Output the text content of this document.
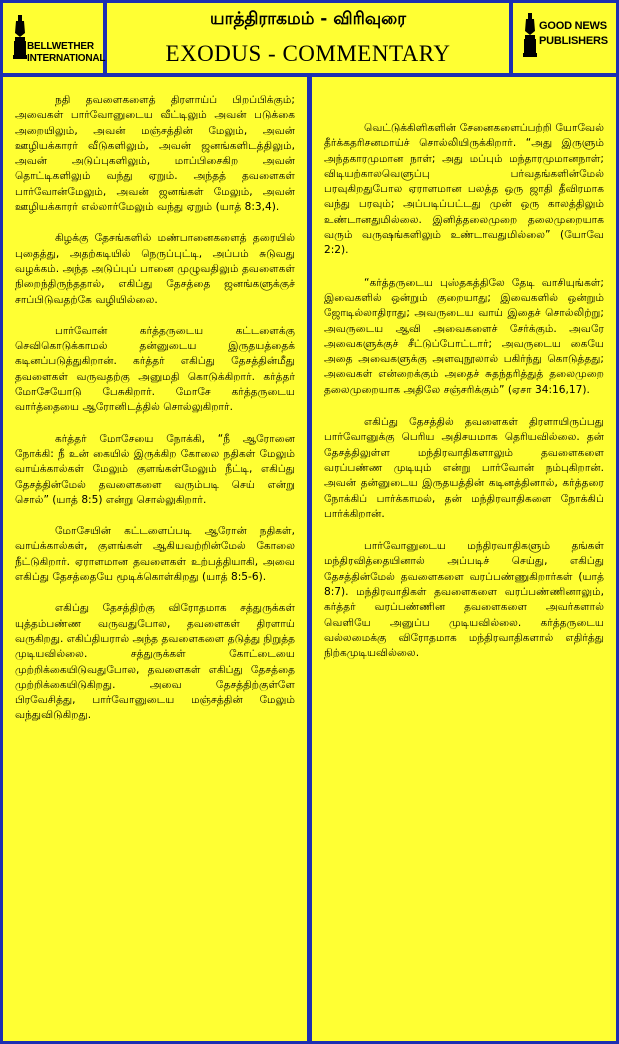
BELLWETHER
INTERNATIONAL
யாத்திராகமம் - விரிவுரை
EXODUS - COMMENTARY
GOOD NEWS
PUBLISHERS

நதி தவளைகளைத் திரளாய்ப் பிறப்பிக்கும்; அவைகள் பார்வோனுடைய வீட்டிலும் அவன் படுக்கை அறையிலும், அவன் மஞ்சத்தின் மேலும், அவன் ஊழியக்காரர் வீடுகளிலும், அவன் ஜனங்களிடத்திலும், அவன் அடுப்புகளிலும், மாப்பிசைகிற அவன் தொட்டிகளிலும் வந்து ஏறும். அந்தத் தவளைகள் பார்வோன்மேலும், அவன் ஜனங்கள் மேலும், அவன் ஊழியக்காரர் எல்லார்மேலும் வந்து ஏறும் (யாத் 8:3,4).

கிழக்கு தேசங்களில் மண்பானைகளைத் தரையில் புதைத்து, அதற்கடியில் நெருப்புட்டி, அப்பம் சுடுவது வழக்கம். அந்த அடுப்புப் பானை முழுவதிலும் தவளைகள் நிறைந்திருந்ததால், எகிப்து தேசத்தை ஜனங்களுக்குச் சாப்பிடுவதற்கே வழியில்லை.

பார்வோன் கர்த்தருடைய கட்டளைக்கு செவிகொடுக்காமல் தன்னுடைய இருதயத்தைக் கடினப்படுத்துகிறான். கர்த்தர் எகிப்து தேசத்தின்மீது தவளைகள் வருவதற்கு அனுமதி கொடுக்கிறார். கர்த்தர் மோசேயோடு பேசுகிறார். மோசே கர்த்தருடைய வார்த்தையை ஆரோனிடத்தில் சொல்லுகிறார்.

கர்த்தர் மோசேயை நோக்கி, “நீ ஆரோனை நோக்கி: நீ உன் கையில் இருக்கிற கோலை நதிகள் மேலும் வாய்க்கால்கள் மேலும் குளங்கள்மேலும் நீட்டி, எகிப்து தேசத்தின்மேல் தவளைகளை வரும்படி செய் என்று சொல்” (யாத் 8:5) என்று சொல்லுகிறார்.

மோசேயின் கட்டளைப்படி ஆரோன் நதிகள், வாய்க்கால்கள், குளங்கள் ஆகியவற்றின்மேல் கோலை நீட்டுகிறார். ஏராளமான தவளைகள் உற்பத்தியாகி, அவை எகிப்து தேசத்தையே மூடிக்கொள்கிறது (யாத் 8:5-6).

எகிப்து தேசத்திற்கு விரோதமாக சத்துருக்கள் யுத்தம்பண்ண வருவதுபோல, தவளைகள் திரளாய் வருகிறது. எகிப்தியரால் அந்த தவளைகளை தடுத்து நிறுத்த முடியவில்லை. சத்துருக்கள் கோட்டையை முற்றிக்கையிடுவதுபோல, தவளைகள் எகிப்து தேசத்தை முற்றிக்கையிடுகிறது. அவை தேசத்திற்குள்ளே பிரவேசித்து, பார்வோனுடைய மஞ்சத்தின் மேலும் வந்துவிடுகிறது.

வெட்டுக்கிளிகளின் சேனைகளைப்பற்றி யோவேல் தீர்க்கதரிசனமாய்ச் சொல்லியிருக்கிறார். “அது இருளும் அந்தகாரமுமான நாள்; அது மப்பும் மந்தாரமுமானநாள்; விடியற்காலவெளுப்பு பர்வதங்களின்மேல் பரவுகிறதுபோல ஏராளமான பலத்த ஒரு ஜாதி தீவிரமாக வந்து பரவும்; அப்படிப்பட்டது முன் ஒரு காலத்திலும் உண்டானதுமில்லை. இனித்தலைமுறை தலைமுறையாக வரும் வருஷங்களிலும் உண்டாவதுமில்லை” (யோவே 2:2).

“கர்த்தருடைய புஸ்தகத்திலே தேடி வாசியுங்கள்; இவைகளில் ஒன்றும் குறையாது; இவைகளில் ஒன்றும் ஜோடில்லாதிராது; அவருடைய வாய் இதைச் சொல்லிற்று; அவருடைய ஆவி அவைகளைச் சேர்க்கும். அவரே அவைகளுக்குச் சீட்டுப்போட்டார்; அவருடைய கையே அதை அவைகளுக்கு அளவுநூலால் பகிர்ந்து கொடுத்தது; அவைகள் என்றைக்கும் அதைச் சுதந்தரித்துத் தலைமுறை தலைமுறையாக அதிலே சஞ்சரிக்கும்” (ஏசா 34:16,17).

எகிப்து தேசத்தில் தவளைகள் திரளாயிருப்பது பார்வோனுக்கு பெரிய அதிசயமாக தெரியவில்லை. தன் தேசத்திலுள்ள மந்திரவாதிகளாலும் தவளைகளை வரப்பண்ண முடியும் என்று பார்வோன் நம்புகிறான். அவன் தன்னுடைய இருதயத்தின் கடினத்தினால், கர்த்தரை நோக்கிப் பார்க்காமல், தன் மந்திரவாதிகளை நோக்கிப் பார்க்கிறான்.

பார்வோனுடைய மந்திரவாதிகளும் தங்கள் மந்திரவித்தையினால் அப்படிச் செய்து, எகிப்து தேசத்தின்மேல் தவளைகளை வரப்பண்ணுகிறார்கள் (யாத் 8:7). மந்திரவாதிகள் தவளைகளை வரப்பண்ணினாலும், கர்த்தர் வரப்பண்ணின தவளைகளை அவர்களால் வெளியே அனுப்ப முடியவில்லை. கர்த்தருடைய வல்லமைக்கு விரோதமாக மந்திரவாதிகளால் எதிர்த்து நிற்கமுடியவில்லை.
